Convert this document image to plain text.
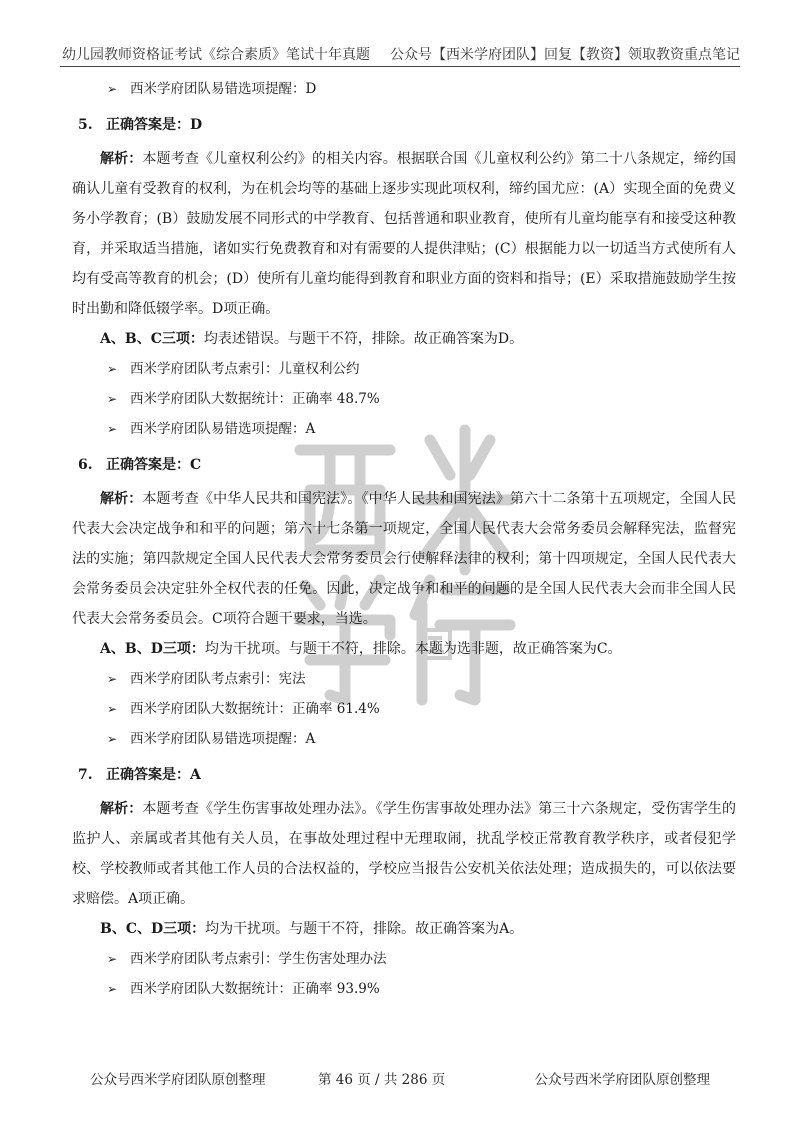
幼儿园教师资格证考试《综合素质》笔试十年真题 公众号【西米学府团队】回复【教资】领取教资重点笔记
➢ 西米学府团队易错选项提醒：D
5. 正确答案是：D

解析：本题考查《儿童权利公约》的相关内容。根据联合国《儿童权利公约》第二十八条规定，缔约国确认儿童有受教育的权利，为在机会均等的基础上逐步实现此项权利，缔约国尤应：(A）实现全面的免费义务小学教育；(B）鼓励发展不同形式的中学教育、包括普通和职业教育，使所有儿童均能享有和接受这种教育，并采取适当措施，诸如实行免费教育和对有需要的人提供津贴；(C）根据能力以一切适当方式使所有人均有受高等教育的机会；(D）使所有儿童均能得到教育和职业方面的资料和指导；(E）采取措施鼓励学生按时出勤和降低辍学率。D项正确。

A、B、C三项：均表述错误。与题干不符，排除。故正确答案为D。

➢ 西米学府团队考点索引：儿童权利公约
➢ 西米学府团队大数据统计：正确率 48.7%
➢ 西米学府团队易错选项提醒：A
6. 正确答案是：C

解析：本题考查《中华人民共和国宪法》。《中华人民共和国宪法》第六十二条第十五项规定，全国人民代表大会决定战争和和平的问题；第六十七条第一项规定，全国人民代表大会常务委员会解释宪法，监督宪法的实施；第四款规定全国人民代表大会常务委员会行使解释法律的权利；第十四项规定，全国人民代表大会常务委员会决定驻外全权代表的任免。因此，决定战争和和平的问题的是全国人民代表大会而非全国人民代表大会常务委员会。C项符合题干要求，当选。

A、B、D三项：均为干扰项。与题干不符，排除。本题为选非题，故正确答案为C。

➢ 西米学府团队考点索引：宪法
➢ 西米学府团队大数据统计：正确率 61.4%
➢ 西米学府团队易错选项提醒：A
7. 正确答案是：A

解析：本题考查《学生伤害事故处理办法》。《学生伤害事故处理办法》第三十六条规定，受伤害学生的监护人、亲属或者其他有关人员，在事故处理过程中无理取闹，扰乱学校正常教育教学秩序，或者侵犯学校、学校教师或者其他工作人员的合法权益的，学校应当报告公安机关依法处理；造成损失的，可以依法要求赔偿。A项正确。

B、C、D三项：均为干扰项。与题干不符，排除。故正确答案为A。

➢ 西米学府团队考点索引：学生伤害处理办法
➢ 西米学府团队大数据统计：正确率 93.9%
公众号西米学府团队原创整理	第 46 页 / 共 286 页	公众号西米学府团队原创整理
